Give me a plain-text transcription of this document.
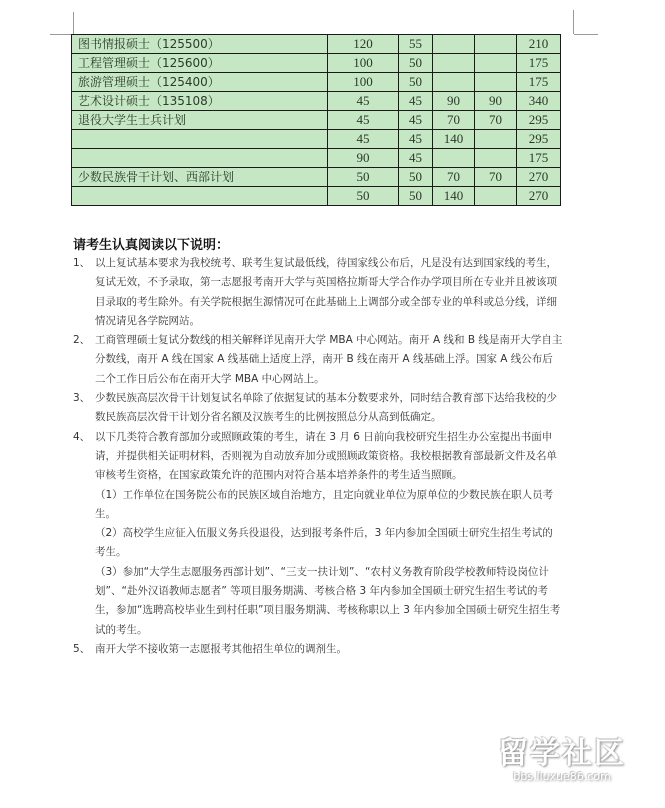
图书情报硕士（125500）	120	55			210
工程管理硕士（125600）	100	50			175
旅游管理硕士（125400）	100	50			175
艺术设计硕士（135108）	45	45	90	90	340
退役大学生士兵计划	45	45	70	70	295
	45	45	140		295
	90	45			175
少数民族骨干计划、西部计划	50	50	70	70	270
	50	50	140		270
请考生认真阅读以下说明：
1、 以上复试基本要求为我校统考、联考生复试最低线，待国家线公布后，凡是没有达到国家线的考生，复试无效，不予录取，第一志愿报考南开大学与英国格拉斯哥大学合作办学项目所在专业并且被该项目录取的考生除外。有关学院根据生源情况可在此基础上上调部分或全部专业的单科或总分线，详细情况请见各学院网站。
2、 工商管理硕士复试分数线的相关解释详见南开大学 MBA 中心网站。南开 A 线和 B 线是南开大学自主分数线，南开 A 线在国家 A 线基础上适度上浮，南开 B 线在南开 A 线基础上浮。国家 A 线公布后二个工作日后公布在南开大学 MBA 中心网站上。
3、 少数民族高层次骨干计划复试名单除了依据复试的基本分数要求外，同时结合教育部下达给我校的少数民族高层次骨干计划分省名额及汉族考生的比例按照总分从高到低确定。
4、 以下几类符合教育部加分或照顾政策的考生，请在 3 月 6 日前向我校研究生招生办公室提出书面申请，并提供相关证明材料，否则视为自动放弃加分或照顾政策资格。我校根据教育部最新文件及名单审核考生资格，在国家政策允许的范围内对符合基本培养条件的考生适当照顾。
（1）工作单位在国务院公布的民族区域自治地方，且定向就业单位为原单位的少数民族在职人员考生。
（2）高校学生应征入伍服义务兵役退役，达到报考条件后，3 年内参加全国硕士研究生招生考试的考生。
（3）参加“大学生志愿服务西部计划”、“三支一扶计划”、“农村义务教育阶段学校教师特设岗位计划”、“赴外汉语教师志愿者” 等项目服务期满、考核合格 3 年内参加全国硕士研究生招生考试的考生，参加“选聘高校毕业生到村任职”项目服务期满、考核称职以上 3 年内参加全国硕士研究生招生考试的考生。
5、 南开大学不接收第一志愿报考其他招生单位的调剂生。
留学社区
bbs.liuxue86.com
